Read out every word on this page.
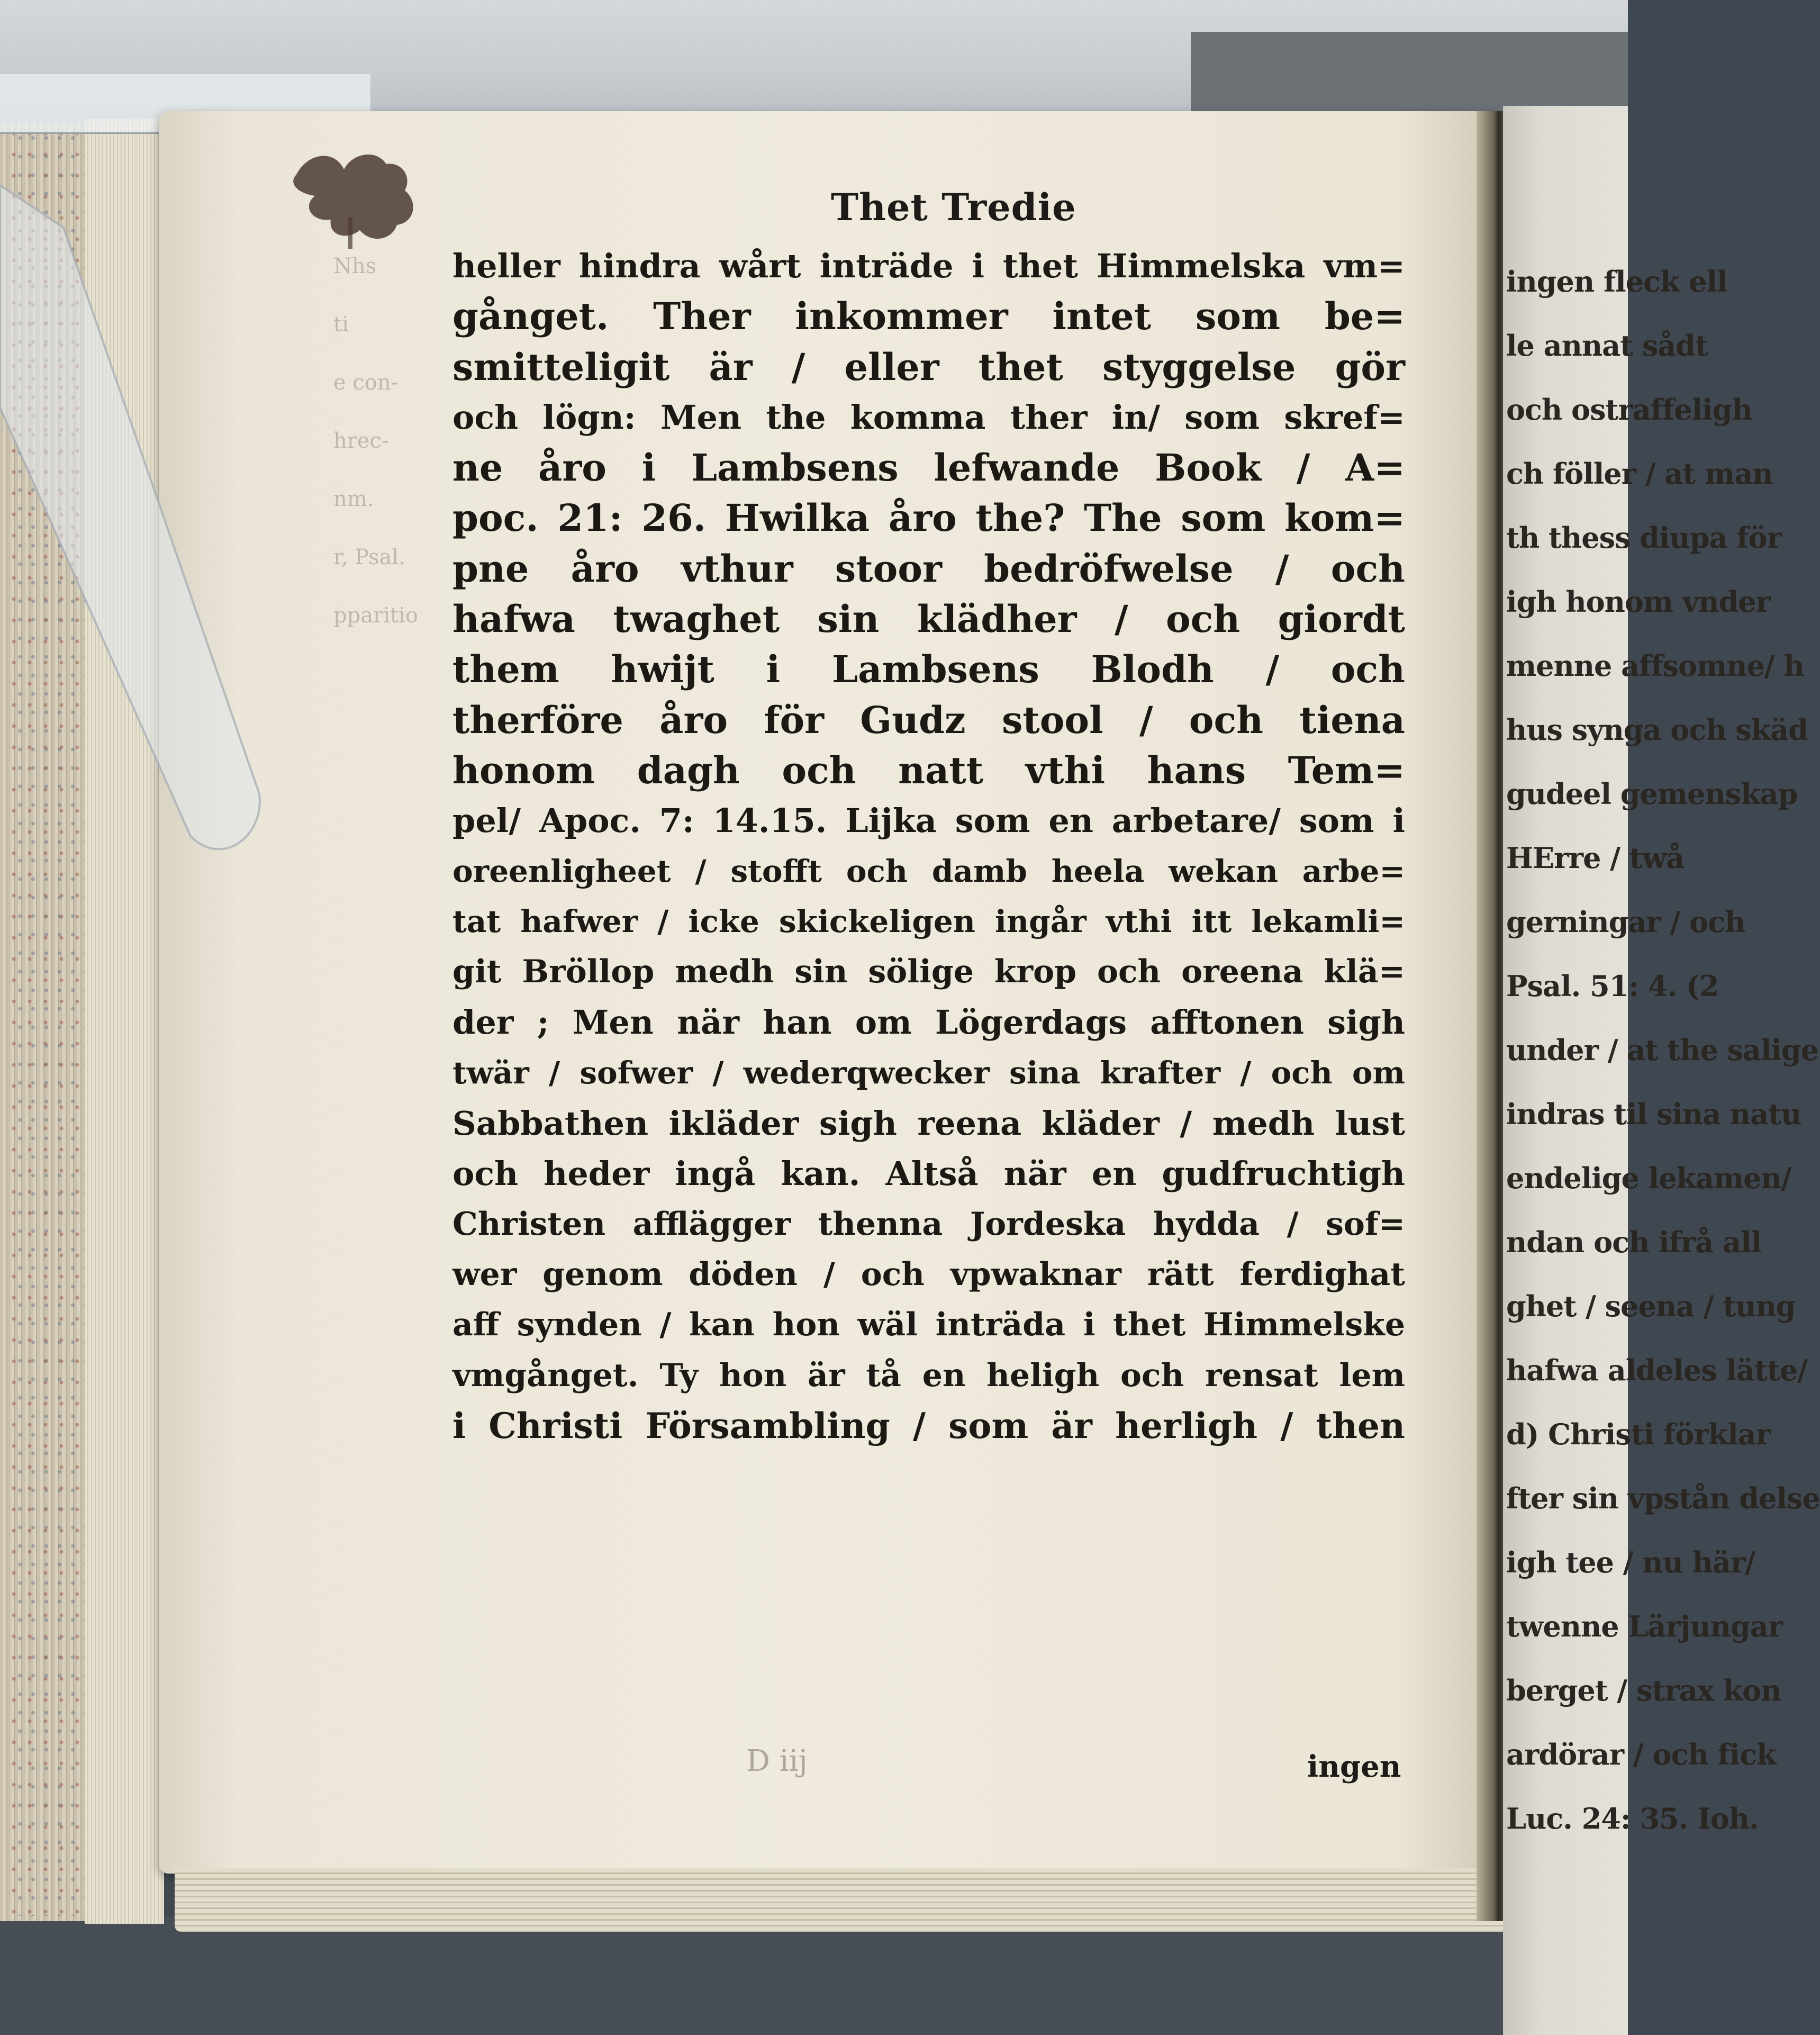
Nhs
ti
e con-
hrec-
nm.
r, Psal.
pparitio
Thet Tredie
heller hindra wårt inträde i thet Himmelska vm=
gånget. Ther inkommer intet som be=
smitteligit är / eller thet styggelse gör
och lögn: Men the komma ther in/ som skref=
ne åro i Lambsens lefwande Book / A=
poc. 21: 26. Hwilka åro the? The som kom=
pne åro vthur stoor bedröfwelse / och
hafwa twaghet sin klädher / och giordt
them hwijt i Lambsens Blodh / och
therföre åro för Gudz stool / och tiena
honom dagh och natt vthi hans Tem=
pel/ Apoc. 7: 14.15. Lijka som en arbetare/ som i
oreenligheet / stofft och damb heela wekan arbe=
tat hafwer / icke skickeligen ingår vthi itt lekamli=
git Bröllop medh sin sölige krop och oreena klä=
der ; Men när han om Lögerdags afftonen sigh
twär / sofwer / wederqwecker sina krafter / och om
Sabbathen ikläder sigh reena kläder / medh lust
och heder ingå kan. Altså när en gudfruchtigh
Christen afflägger thenna Jordeska hydda / sof=
wer genom döden / och vpwaknar rätt ferdighat
aff synden / kan hon wäl inträda i thet Himmelske
vmgånget. Ty hon är tå en heligh och rensat lem
i Christi Försambling / som är herligh / then
D iij	ingen
ingen fleck ell
le annat sådt
och ostraffeligh
ch föller / at man
th thess diupa för
igh honom vnder
menne affsomne/ h
hus synga och skäd
gudeel gemenskap
HErre / twå
gerningar / och
Psal. 51: 4. (2
under / at the salige
indras til sina natu
endelige lekamen/
ndan och ifrå all
ghet / seena / tung
hafwa aldeles lätte/
d) Christi förklar
fter sin vpstån delse
igh tee / nu här/
twenne Lärjungar
berget / strax kon
ardörar / och fick
Luc. 24: 35. Ioh.
